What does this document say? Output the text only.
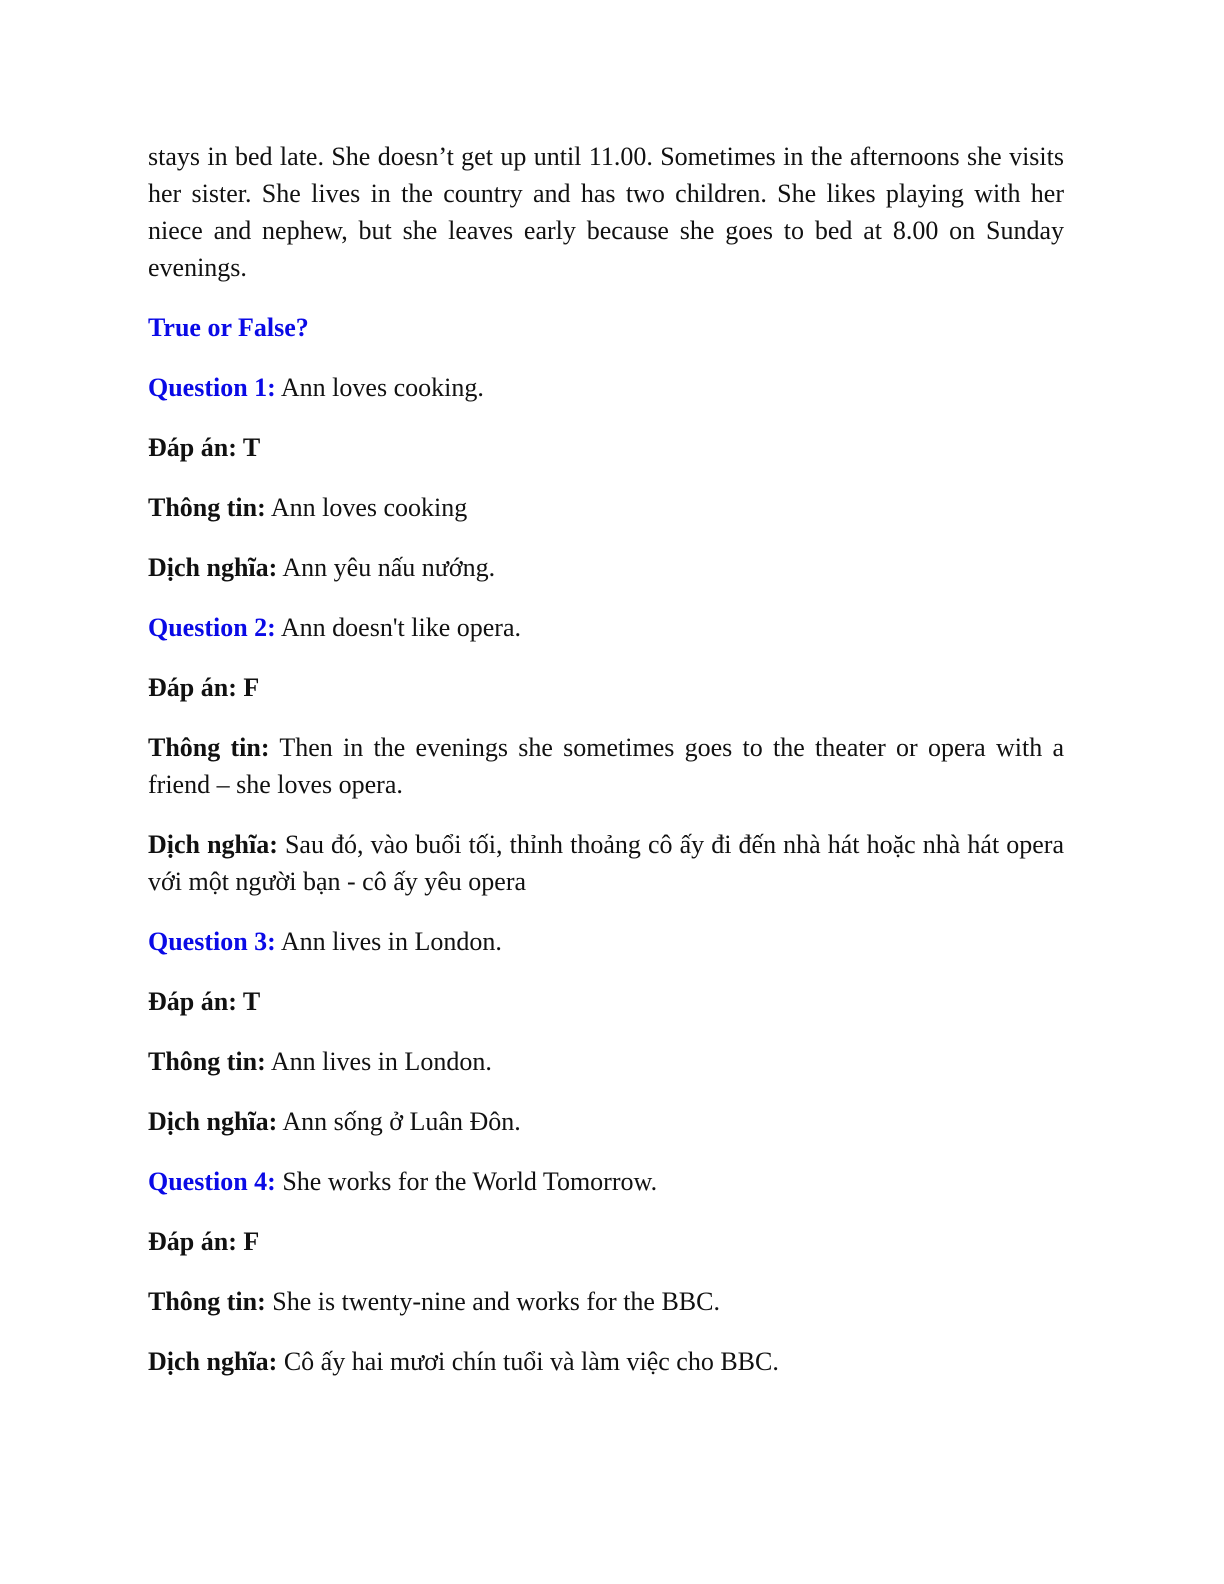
stays in bed late. She doesn’t get up until 11.00. Sometimes in the afternoons she visits her sister. She lives in the country and has two children. She likes playing with her niece and nephew, but she leaves early because she goes to bed at 8.00 on Sunday evenings.

True or False?

Question 1: Ann loves cooking.

Đáp án: T

Thông tin: Ann loves cooking

Dịch nghĩa: Ann yêu nấu nướng.

Question 2: Ann doesn't like opera.

Đáp án: F

Thông tin: Then in the evenings she sometimes goes to the theater or opera with a friend – she loves opera.

Dịch nghĩa: Sau đó, vào buổi tối, thỉnh thoảng cô ấy đi đến nhà hát hoặc nhà hát opera với một người bạn - cô ấy yêu opera

Question 3: Ann lives in London.

Đáp án: T

Thông tin: Ann lives in London.

Dịch nghĩa: Ann sống ở Luân Đôn.

Question 4: She works for the World Tomorrow.

Đáp án: F

Thông tin: She is twenty-nine and works for the BBC.

Dịch nghĩa: Cô ấy hai mươi chín tuổi và làm việc cho BBC.
